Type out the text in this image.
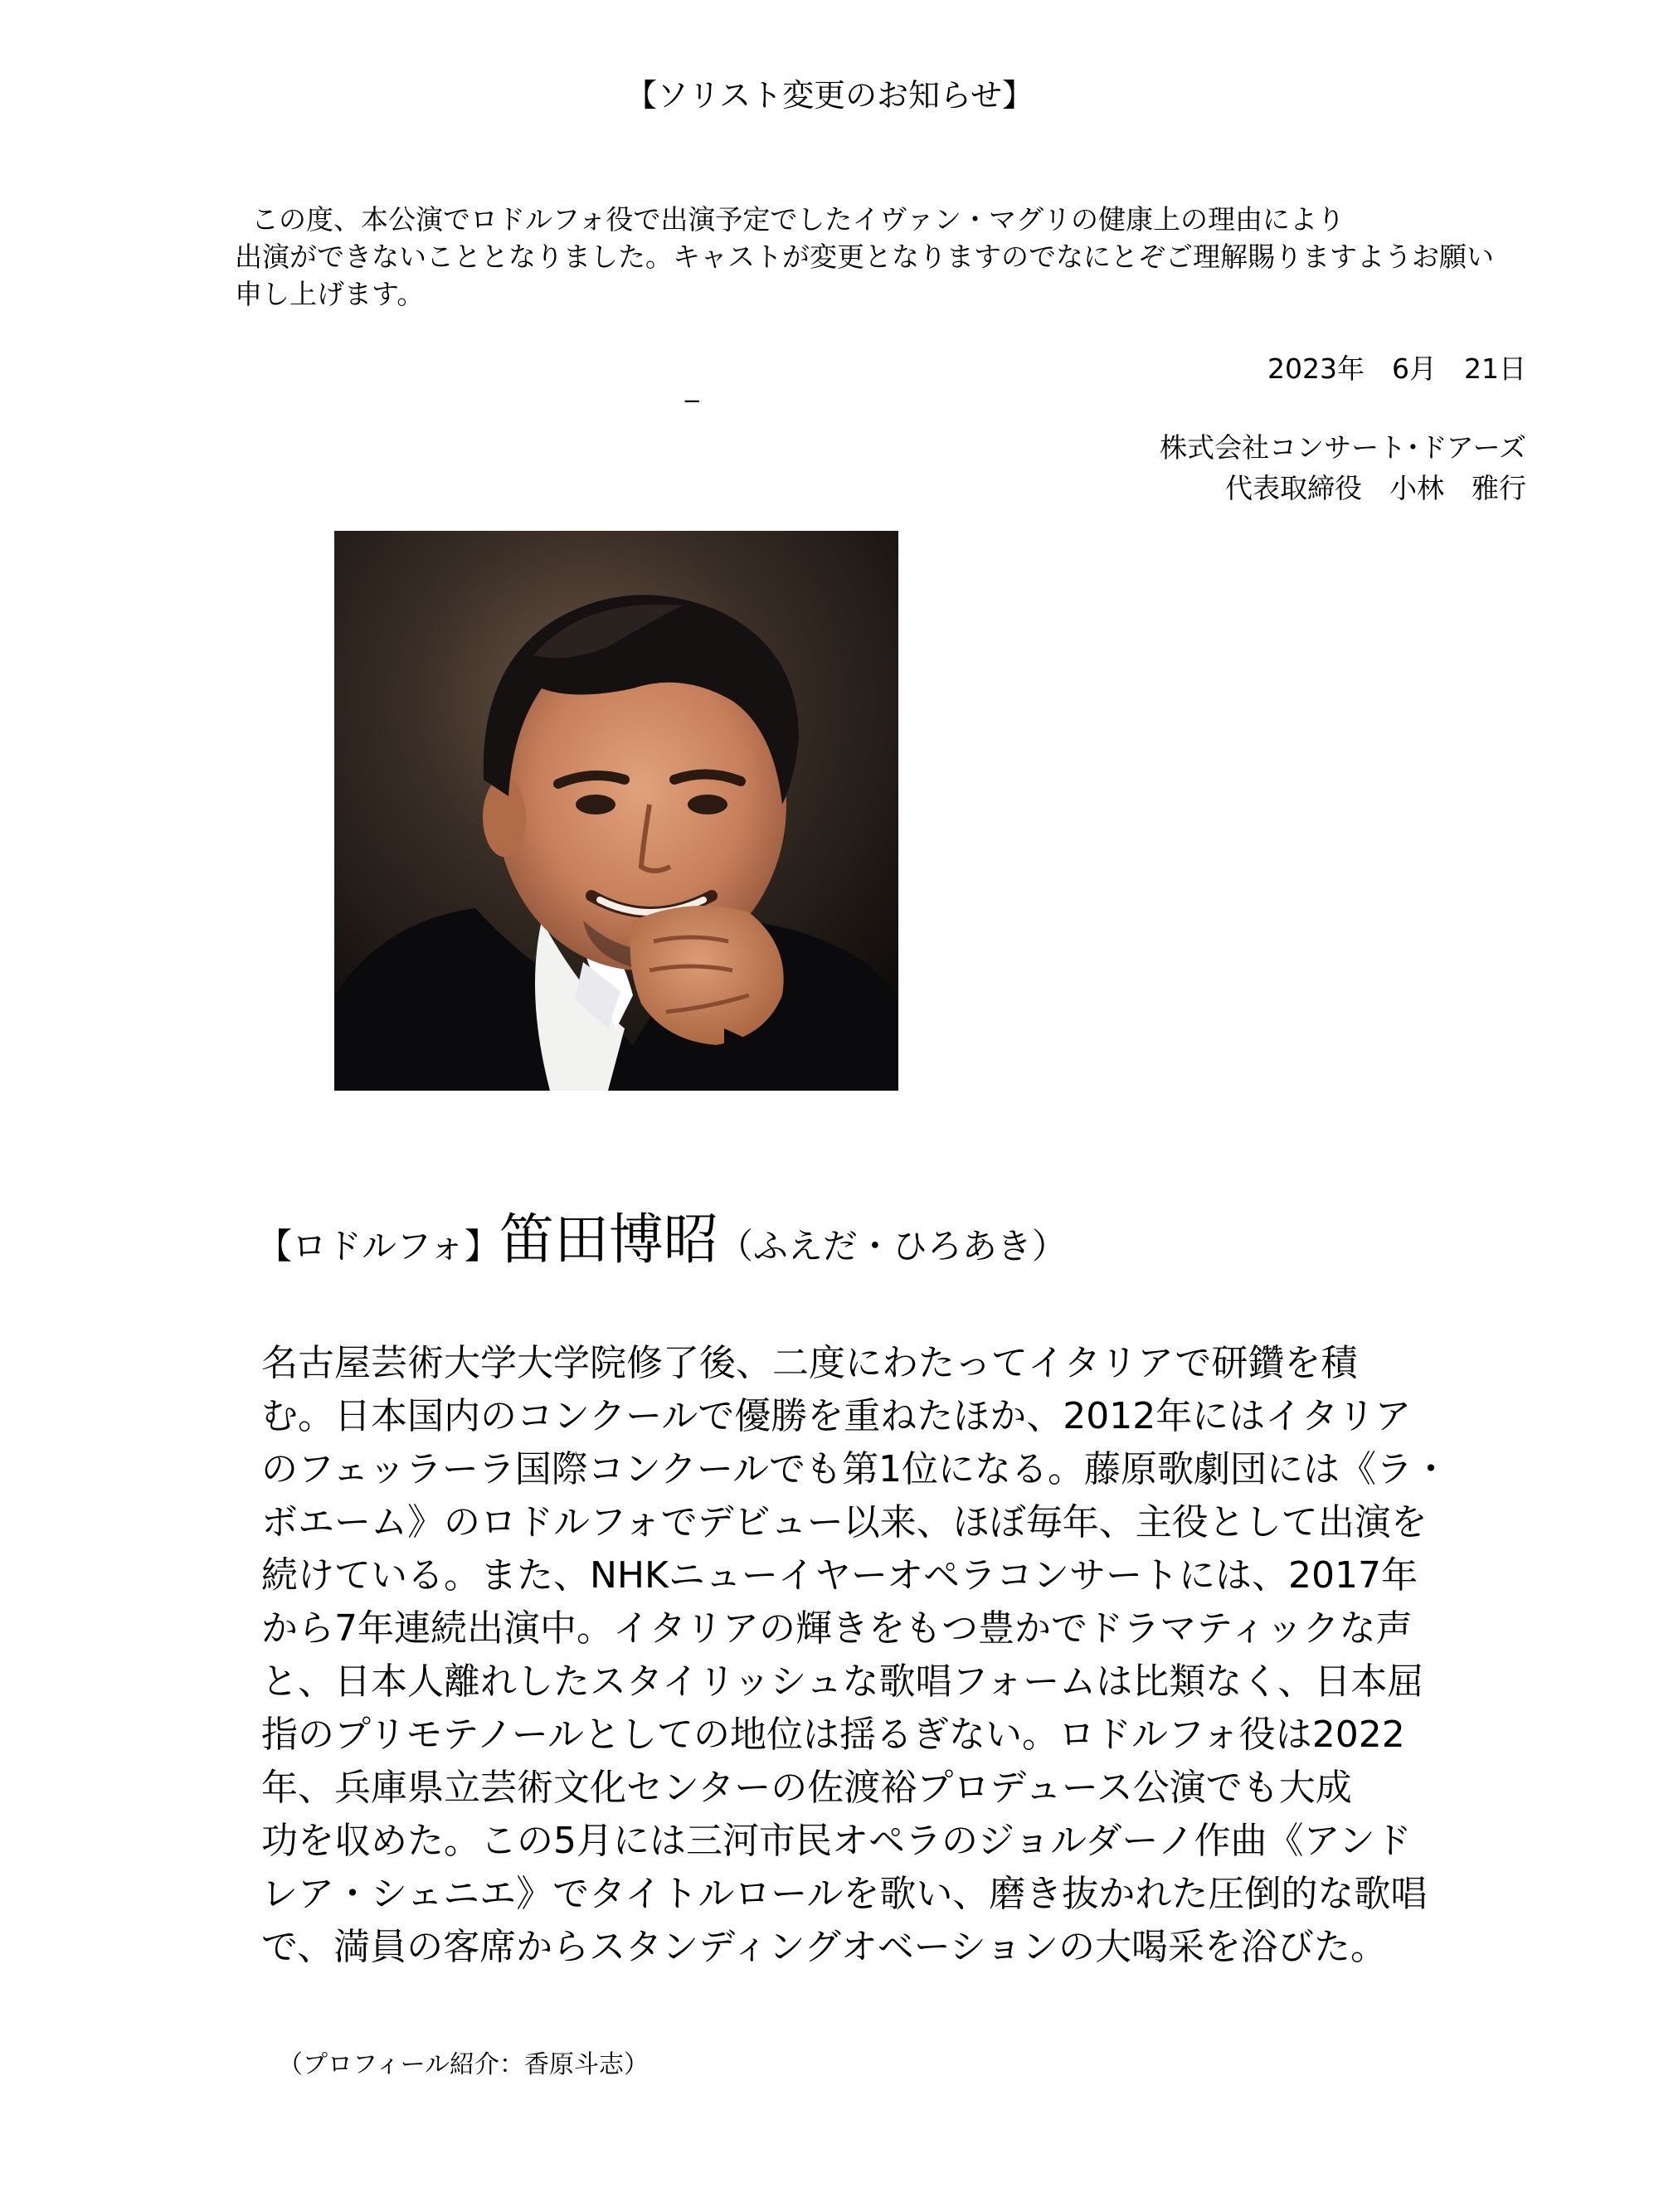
【ソリスト変更のお知らせ】
この度、本公演でロドルフォ役で出演予定でしたイヴァン・マグリの健康上の理由により
出演ができないこととなりました。キャストが変更となりますのでなにとぞご理解賜りますようお願い
申し上げます。
_
2023年　6月　21日
株式会社コンサート･ドアーズ
代表取締役　小林　雅行
【ロドルフォ】笛田博昭（ふえだ・ひろあき）
名古屋芸術大学大学院修了後、二度にわたってイタリアで研鑽を積
む。日本国内のコンクールで優勝を重ねたほか、2012年にはイタリア
のフェッラーラ国際コンクールでも第1位になる。藤原歌劇団には《ラ・
ボエーム》のロドルフォでデビュー以来、ほぼ毎年、主役として出演を
続けている。また、NHKニューイヤーオペラコンサートには、2017年
から7年連続出演中。イタリアの輝きをもつ豊かでドラマティックな声
と、日本人離れしたスタイリッシュな歌唱フォームは比類なく、日本屈
指のプリモテノールとしての地位は揺るぎない。ロドルフォ役は2022
年、兵庫県立芸術文化センターの佐渡裕プロデュース公演でも大成
功を収めた。この5月には三河市民オペラのジョルダーノ作曲《アンド
レア・シェニエ》でタイトルロールを歌い、磨き抜かれた圧倒的な歌唱
で、満員の客席からスタンディングオベーションの大喝采を浴びた。
（プロフィール紹介：香原斗志）
